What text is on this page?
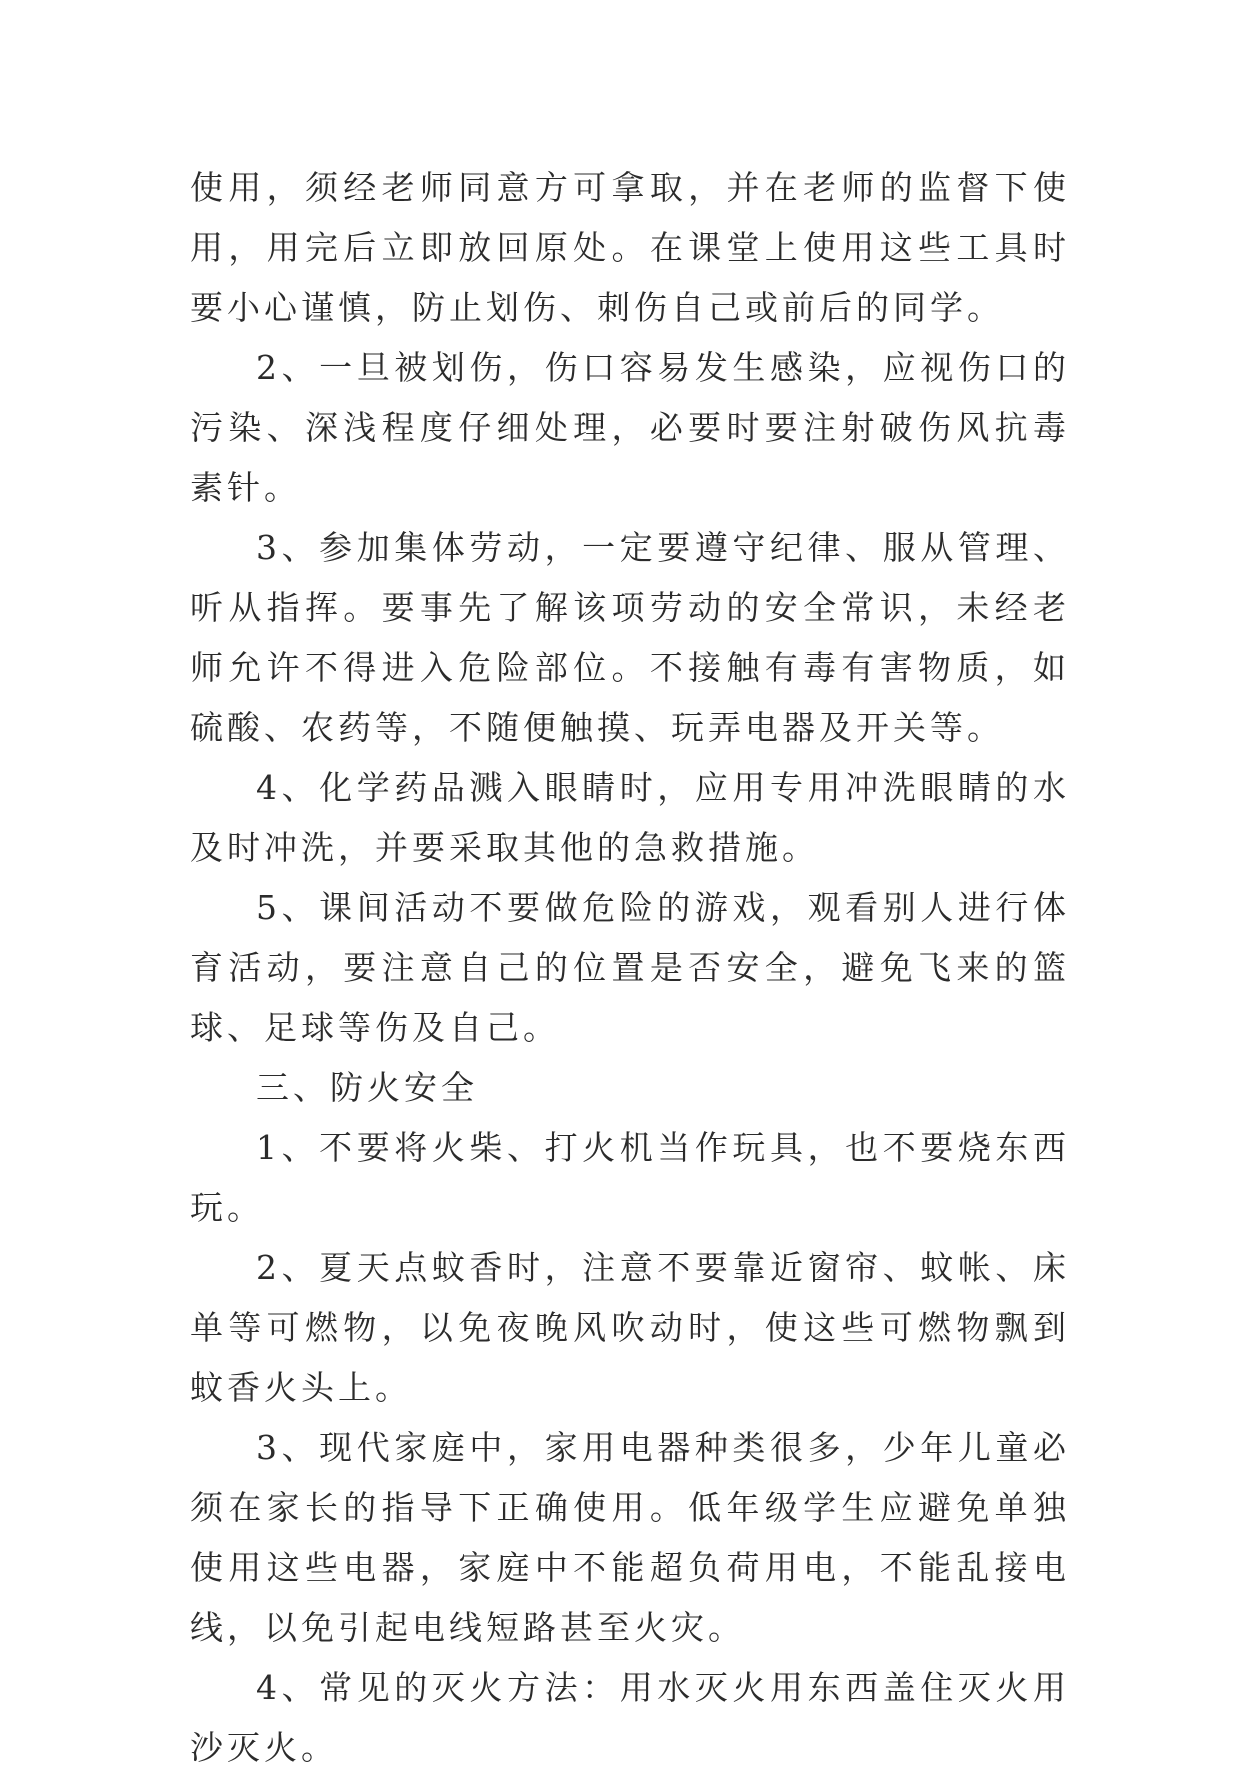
使用，须经老师同意方可拿取，并在老师的监督下使用，用完后立即放回原处。在课堂上使用这些工具时要小心谨慎，防止划伤、刺伤自己或前后的同学。

2、一旦被划伤，伤口容易发生感染，应视伤口的污染、深浅程度仔细处理，必要时要注射破伤风抗毒素针。

3、参加集体劳动，一定要遵守纪律、服从管理、听从指挥。要事先了解该项劳动的安全常识，未经老师允许不得进入危险部位。不接触有毒有害物质，如硫酸、农药等，不随便触摸、玩弄电器及开关等。

4、化学药品溅入眼睛时，应用专用冲洗眼睛的水及时冲洗，并要采取其他的急救措施。

5、课间活动不要做危险的游戏，观看别人进行体育活动，要注意自己的位置是否安全，避免飞来的篮球、足球等伤及自己。

三、防火安全

1、不要将火柴、打火机当作玩具，也不要烧东西玩。

2、夏天点蚊香时，注意不要靠近窗帘、蚊帐、床单等可燃物，以免夜晚风吹动时，使这些可燃物飘到蚊香火头上。

3、现代家庭中，家用电器种类很多，少年儿童必须在家长的指导下正确使用。低年级学生应避免单独使用这些电器，家庭中不能超负荷用电，不能乱接电线，以免引起电线短路甚至火灾。

4、常见的灭火方法：用水灭火用东西盖住灭火用沙灭火。
